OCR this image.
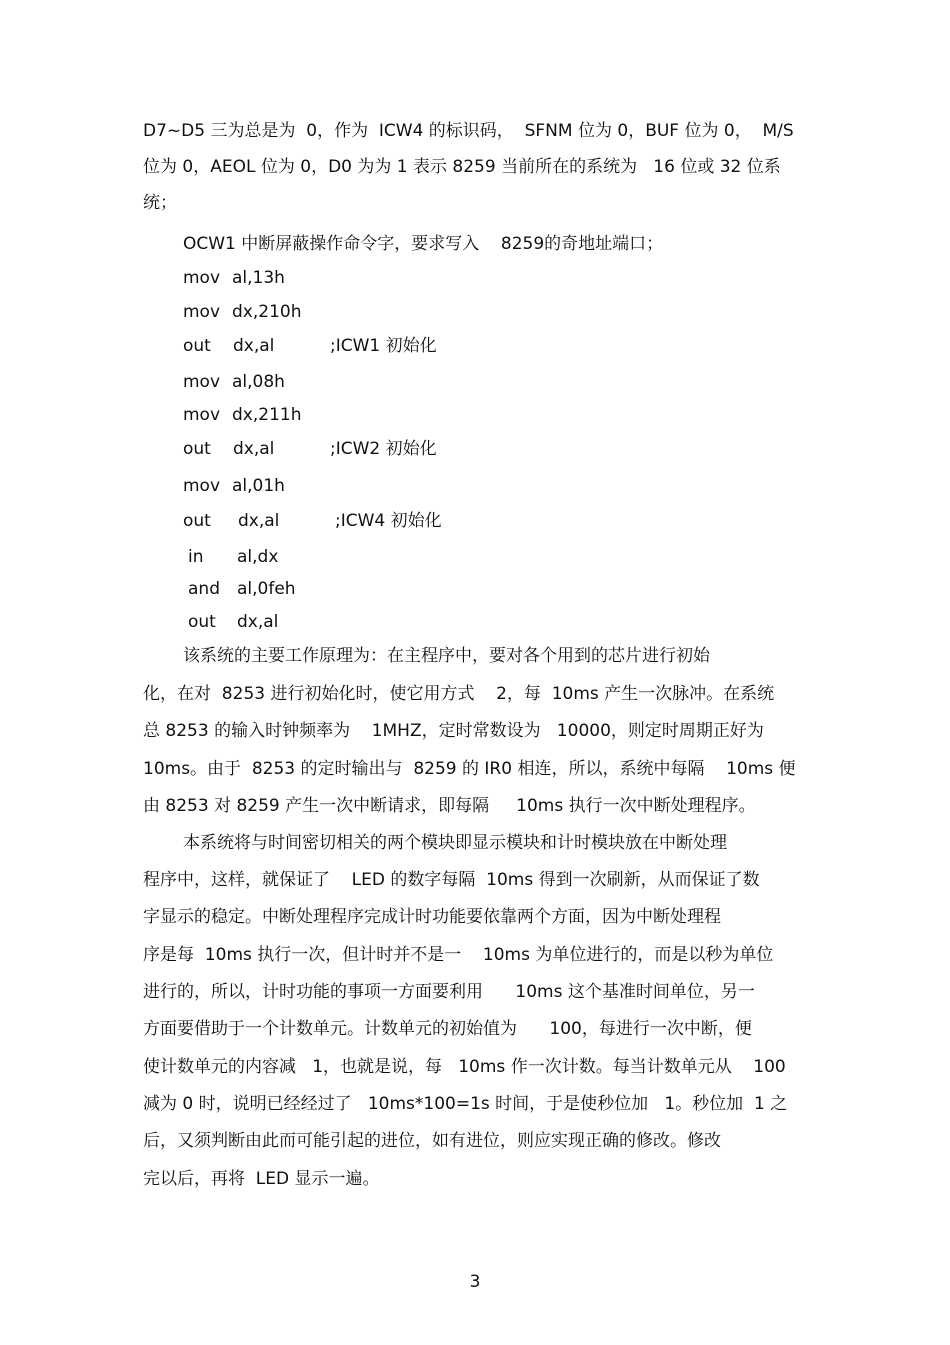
D7~D5 三为总是为  0，作为  ICW4 的标识码，  SFNM 位为 0，BUF 位为 0，  M/S
位为 0，AEOL 位为 0，D0 为为 1 表示 8259 当前所在的系统为   16 位或 32 位系
统；
OCW1 中断屏蔽操作命令字，要求写入    8259的奇地址端口；
mov al,13h
mov dx,210h
out dx,al	;ICW1 初始化
mov al,08h
mov dx,211h
out dx,al	;ICW2 初始化
mov al,01h
out dx,al	;ICW4 初始化
in al,dx
and al,0feh
out dx,al
该系统的主要工作原理为：在主程序中，要对各个用到的芯片进行初始
化，在对  8253 进行初始化时，使它用方式    2，每  10ms 产生一次脉冲。在系统
总 8253 的输入时钟频率为    1MHZ，定时常数设为   10000，则定时周期正好为
10ms。由于  8253 的定时输出与  8259 的 IR0 相连，所以，系统中每隔    10ms 便
由 8253 对 8259 产生一次中断请求，即每隔     10ms 执行一次中断处理程序。
本系统将与时间密切相关的两个模块即显示模块和计时模块放在中断处理
程序中，这样，就保证了    LED 的数字每隔  10ms 得到一次刷新，从而保证了数
字显示的稳定。中断处理程序完成计时功能要依靠两个方面，因为中断处理程
序是每  10ms 执行一次，但计时并不是一    10ms 为单位进行的，而是以秒为单位
进行的，所以，计时功能的事项一方面要利用      10ms 这个基准时间单位，另一
方面要借助于一个计数单元。计数单元的初始值为      100，每进行一次中断，便
使计数单元的内容减   1，也就是说，每   10ms 作一次计数。每当计数单元从    100
减为 0 时，说明已经经过了   10ms*100=1s 时间，于是使秒位加   1。秒位加  1 之
后，又须判断由此而可能引起的进位，如有进位，则应实现正确的修改。修改
完以后，再将  LED 显示一遍。
3
